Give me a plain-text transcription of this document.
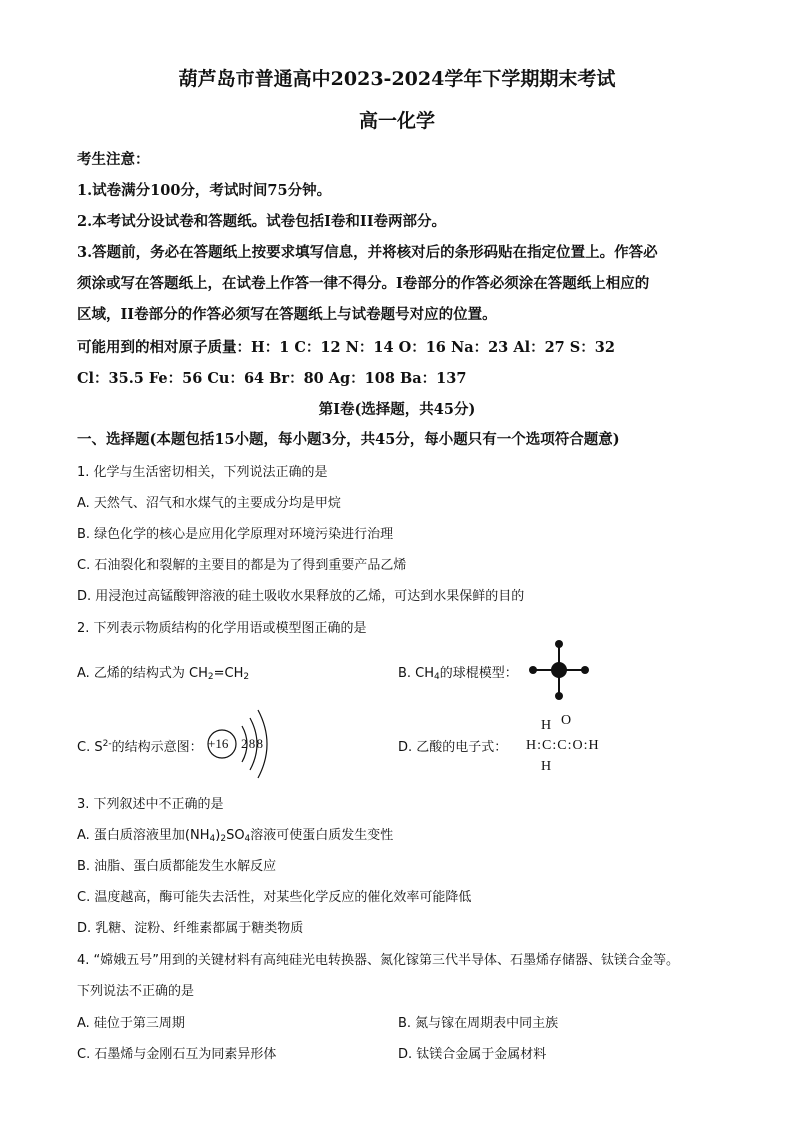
葫芦岛市普通高中2023-2024学年下学期期末考试
高一化学
考生注意：
1.试卷满分100分，考试时间75分钟。
2.本考试分设试卷和答题纸。试卷包括I卷和II卷两部分。
3.答题前，务必在答题纸上按要求填写信息，并将核对后的条形码贴在指定位置上。作答必
须涂或写在答题纸上，在试卷上作答一律不得分。I卷部分的作答必须涂在答题纸上相应的
区域，II卷部分的作答必须写在答题纸上与试卷题号对应的位置。
可能用到的相对原子质量：H：1 C：12 N：14 O：16 Na：23 Al：27 S：32
Cl：35.5 Fe：56 Cu：64 Br：80 Ag：108 Ba：137
第I卷(选择题，共45分)
一、选择题(本题包括15小题，每小题3分，共45分，每小题只有一个选项符合题意)
1. 化学与生活密切相关，下列说法正确的是
A. 天然气、沼气和水煤气的主要成分均是甲烷
B. 绿色化学的核心是应用化学原理对环境污染进行治理
C. 石油裂化和裂解的主要目的都是为了得到重要产品乙烯
D. 用浸泡过高锰酸钾溶液的硅土吸收水果释放的乙烯，可达到水果保鲜的目的
2. 下列表示物质结构的化学用语或模型图正确的是
A. 乙烯的结构式为 $CH_2=CH_2$	B. $CH_4$的球棍模型：
C. $S^{2-}$的结构示意图： +16 2 8 8	D. 乙酸的电子式：
H O
H:C:C:O:H
H
3. 下列叙述中不正确的是
A. 蛋白质溶液里加$(NH_4)_2SO_4$溶液可使蛋白质发生变性
B. 油脂、蛋白质都能发生水解反应
C. 温度越高，酶可能失去活性，对某些化学反应的催化效率可能降低
D. 乳糖、淀粉、纤维素都属于糖类物质
4. “嫦娥五号”用到的关键材料有高纯硅光电转换器、氮化镓第三代半导体、石墨烯存储器、钛镁合金等。
下列说法不正确的是
A. 硅位于第三周期	B. 氮与镓在周期表中同主族
C. 石墨烯与金刚石互为同素异形体	D. 钛镁合金属于金属材料
